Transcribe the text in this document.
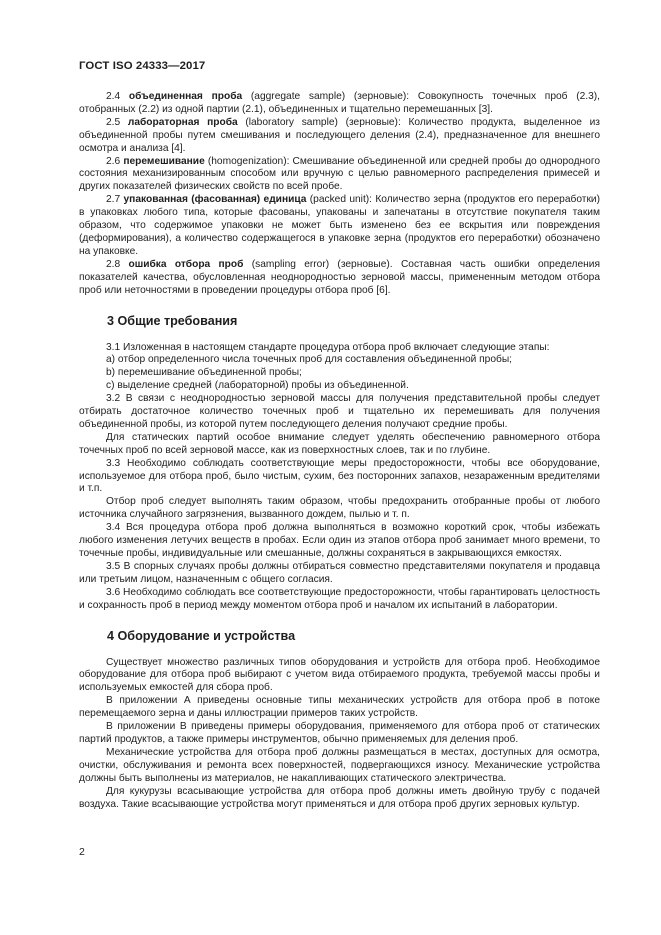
ГОСТ ISO 24333—2017

2.4 объединенная проба (aggregate sample) (зерновые): Совокупность точечных проб (2.3), отобранных (2.2) из одной партии (2.1), объединенных и тщательно перемешанных [3].

2.5 лабораторная проба (laboratory sample) (зерновые): Количество продукта, выделенное из объединенной пробы путем смешивания и последующего деления (2.4), предназначенное для внешнего осмотра и анализа [4].

2.6 перемешивание (homogenization): Смешивание объединенной или средней пробы до однородного состояния механизированным способом или вручную с целью равномерного распределения примесей и других показателей физических свойств по всей пробе.

2.7 упакованная (фасованная) единица (packed unit): Количество зерна (продуктов его переработки) в упаковках любого типа, которые фасованы, упакованы и запечатаны в отсутствие покупателя таким образом, что содержимое упаковки не может быть изменено без ее вскрытия или повреждения (деформирования), а количество содержащегося в упаковке зерна (продуктов его переработки) обозначено на упаковке.

2.8 ошибка отбора проб (sampling error) (зерновые). Составная часть ошибки определения показателей качества, обусловленная неоднородностью зерновой массы, примененным методом отбора проб или неточностями в проведении процедуры отбора проб [6].

3 Общие требования

3.1 Изложенная в настоящем стандарте процедура отбора проб включает следующие этапы:

а) отбор определенного числа точечных проб для составления объединенной пробы;

b) перемешивание объединенной пробы;

c) выделение средней (лабораторной) пробы из объединенной.

3.2 В связи с неоднородностью зерновой массы для получения представительной пробы следует отбирать достаточное количество точечных проб и тщательно их перемешивать для получения объединенной пробы, из которой путем последующего деления получают средние пробы.

Для статических партий особое внимание следует уделять обеспечению равномерного отбора точечных проб по всей зерновой массе, как из поверхностных слоев, так и по глубине.

3.3 Необходимо соблюдать соответствующие меры предосторожности, чтобы все оборудование, используемое для отбора проб, было чистым, сухим, без посторонних запахов, незараженным вредителями и т.п.

Отбор проб следует выполнять таким образом, чтобы предохранить отобранные пробы от любого источника случайного загрязнения, вызванного дождем, пылью и т. п.

3.4 Вся процедура отбора проб должна выполняться в возможно короткий срок, чтобы избежать любого изменения летучих веществ в пробах. Если один из этапов отбора проб занимает много времени, то точечные пробы, индивидуальные или смешанные, должны сохраняться в закрывающихся емкостях.

3.5 В спорных случаях пробы должны отбираться совместно представителями покупателя и продавца или третьим лицом, назначенным с общего согласия.

3.6 Необходимо соблюдать все соответствующие предосторожности, чтобы гарантировать целостность и сохранность проб в период между моментом отбора проб и началом их испытаний в лаборатории.

4 Оборудование и устройства

Существует множество различных типов оборудования и устройств для отбора проб. Необходимое оборудование для отбора проб выбирают с учетом вида отбираемого продукта, требуемой массы пробы и используемых емкостей для сбора проб.

В приложении А приведены основные типы механических устройств для отбора проб в потоке перемещаемого зерна и даны иллюстрации примеров таких устройств.

В приложении В приведены примеры оборудования, применяемого для отбора проб от статических партий продуктов, а также примеры инструментов, обычно применяемых для деления проб.

Механические устройства для отбора проб должны размещаться в местах, доступных для осмотра, очистки, обслуживания и ремонта всех поверхностей, подвергающихся износу. Механические устройства должны быть выполнены из материалов, не накапливающих статического электричества.

Для кукурузы всасывающие устройства для отбора проб должны иметь двойную трубу с подачей воздуха. Такие всасывающие устройства могут применяться и для отбора проб других зерновых культур.

2
